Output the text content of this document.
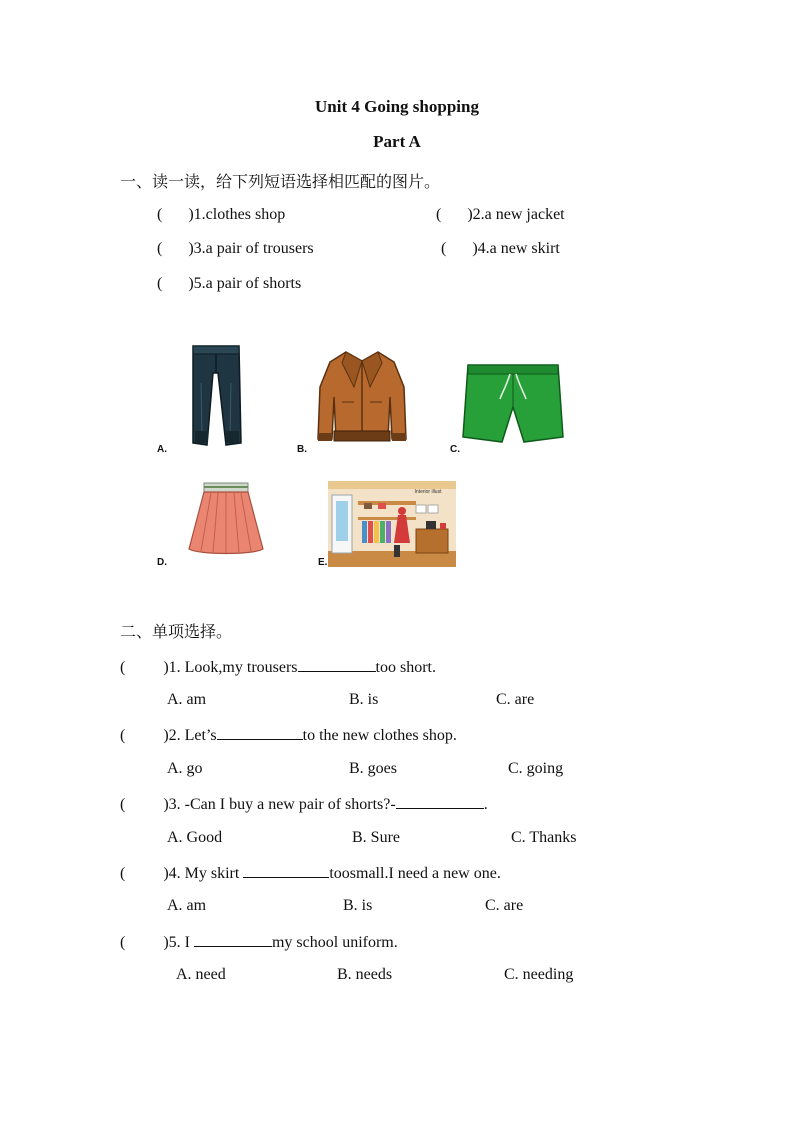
Unit 4 Going shopping
Part A
一、读一读，给下列短语选择相匹配的图片。
( )1.clothes shop	( )2.a new jacket
( )3.a pair of trousers	( )4.a new skirt
( )5.a pair of shorts
A.	B.	C.
D.
Interior illust
E.
二、单项选择。
( )1. Look,my trousers	too short.
A. am	B. is	C. are
( )2. Let’s	to the new clothes shop.
A. go	B. goes	C. going
( )3. -Can I buy a new pair of shorts?-	.
A. Good	B. Sure	C. Thanks
( )4. My skirt	toosmall.I need a new one.
A. am	B. is	C. are
( )5. I	my school uniform.
A. need	B. needs	C. needing
